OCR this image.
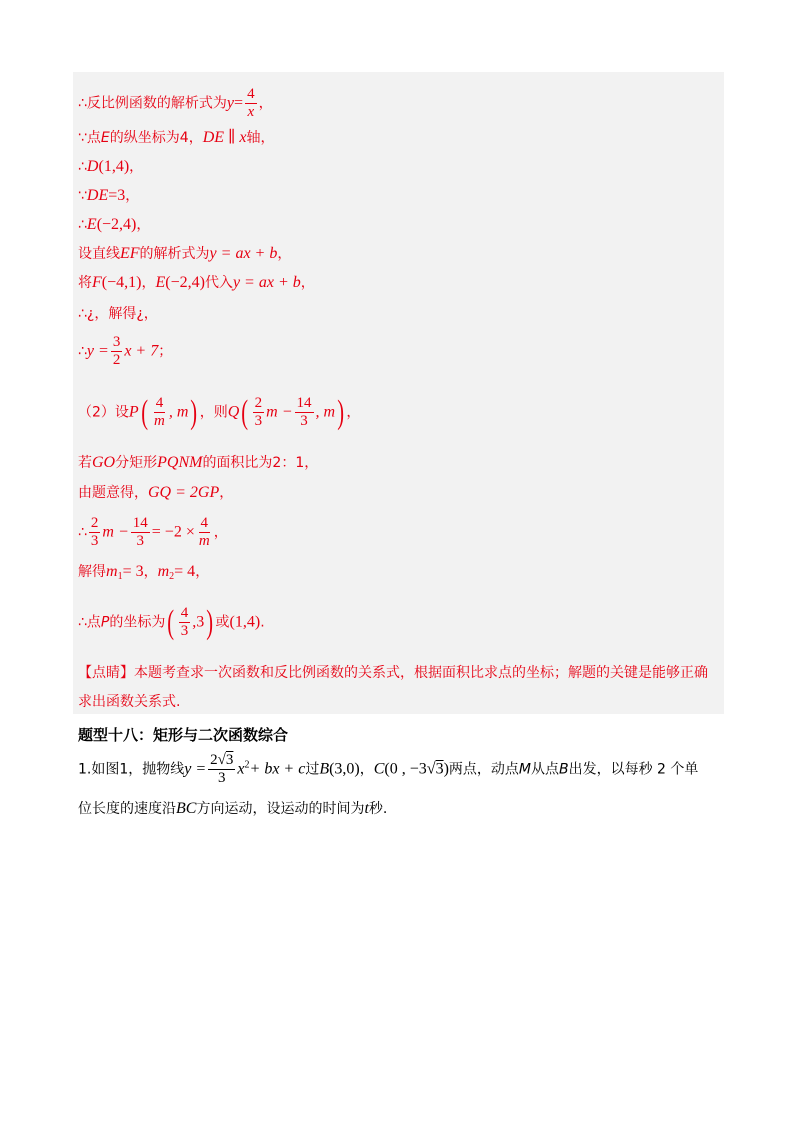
∴反比例函数的解析式为$y= \frac{4}{x}$ ，
∵点E的纵坐标为4，DE ∥ x轴，
∴D(1,4)，
∵DE=3，
∴E(−2,4)，
设直线EF的解析式为y = ax + b，
将F(−4,1)，E(−2,4)代入y = ax + b，
∴¿，解得¿，
∴y = $\frac{3}{2}$ x + 7；
（2）设$P( \frac{4}{m}$ , m) ，则$Q( \frac{2}{3}$ $m - \frac{14}{3}$ , m) ，
若GO分矩形PQNM的面积比为2：1，
由题意得，GQ = 2GP，
∴ $\frac{2}{3}$ $m - \frac{14}{3} = -2 \times \frac{4}{m}$ ，
解得$m_1= 3$，$m_2= 4$，
∴点P的坐标为( $\frac{4}{3} ,3$) 或(1,4).
【点睛】本题考查求一次函数和反比例函数的关系式，根据面积比求点的坐标；解题的关键是能够正确
求出函数关系式.
题型十八：矩形与二次函数综合
1.如图1，抛物线$y = \frac{2√3}{3} x^2+$ bx + c过B(3,0)，C(0 , −3√3)两点，动点M从点B出发，以每秒 2 个单
位长度的速度沿BC方向运动，设运动的时间为t秒.
